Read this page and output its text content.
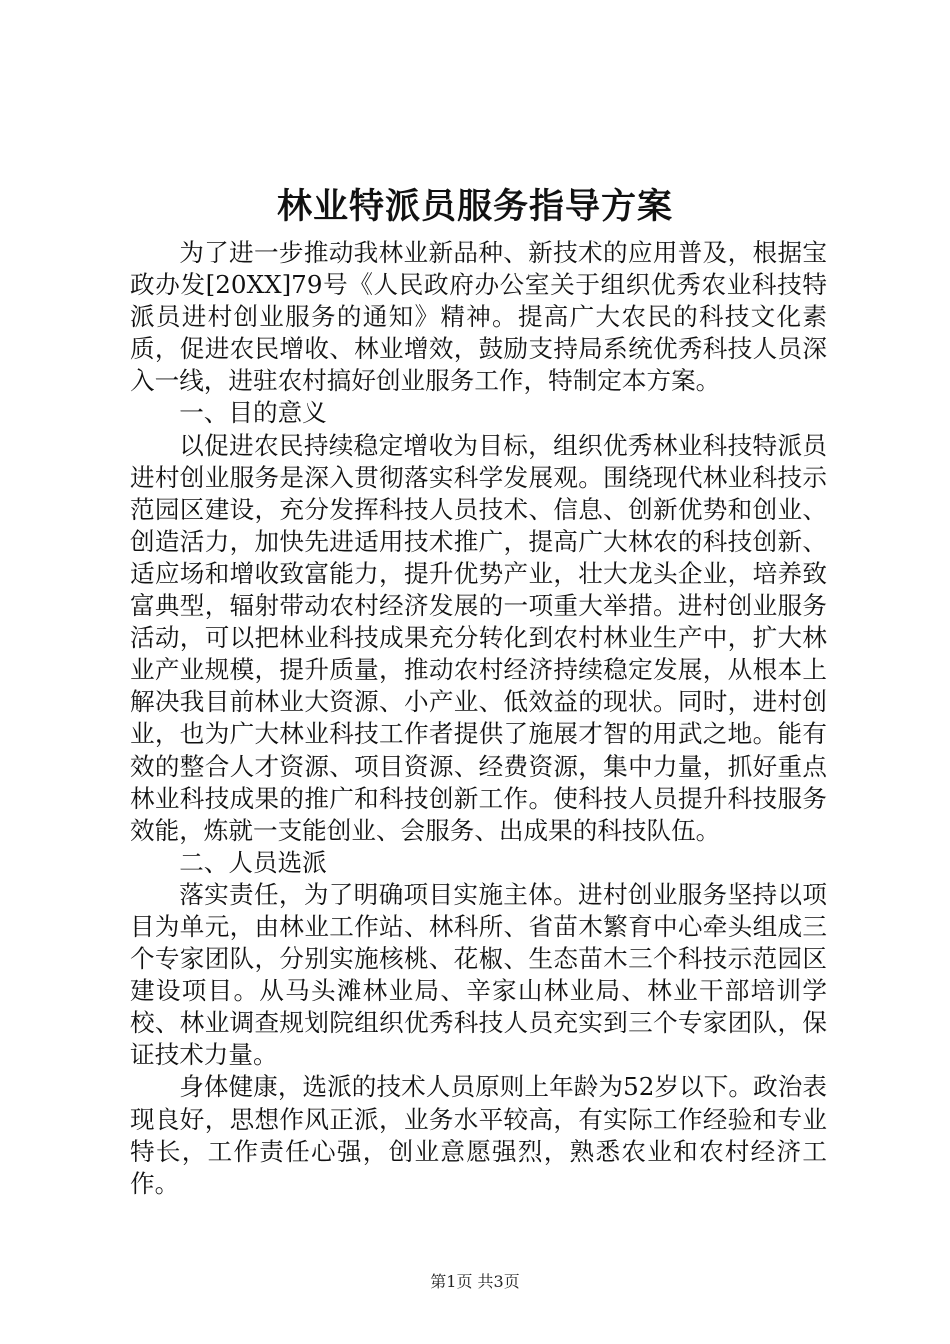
林业特派员服务指导方案

为了进一步推动我林业新品种、新技术的应用普及，根据宝政办发[20XX]79号《人民政府办公室关于组织优秀农业科技特派员进村创业服务的通知》精神。提高广大农民的科技文化素质，促进农民增收、林业增效，鼓励支持局系统优秀科技人员深入一线，进驻农村搞好创业服务工作，特制定本方案。

一、目的意义

以促进农民持续稳定增收为目标，组织优秀林业科技特派员进村创业服务是深入贯彻落实科学发展观。围绕现代林业科技示范园区建设，充分发挥科技人员技术、信息、创新优势和创业、创造活力，加快先进适用技术推广，提高广大林农的科技创新、适应场和增收致富能力，提升优势产业，壮大龙头企业，培养致富典型，辐射带动农村经济发展的一项重大举措。进村创业服务活动，可以把林业科技成果充分转化到农村林业生产中，扩大林业产业规模，提升质量，推动农村经济持续稳定发展，从根本上解决我目前林业大资源、小产业、低效益的现状。同时，进村创业，也为广大林业科技工作者提供了施展才智的用武之地。能有效的整合人才资源、项目资源、经费资源，集中力量，抓好重点林业科技成果的推广和科技创新工作。使科技人员提升科技服务效能，炼就一支能创业、会服务、出成果的科技队伍。

二、人员选派

落实责任，为了明确项目实施主体。进村创业服务坚持以项目为单元，由林业工作站、林科所、省苗木繁育中心牵头组成三个专家团队，分别实施核桃、花椒、生态苗木三个科技示范园区建设项目。从马头滩林业局、辛家山林业局、林业干部培训学校、林业调查规划院组织优秀科技人员充实到三个专家团队，保证技术力量。

身体健康，选派的技术人员原则上年龄为52岁以下。政治表现良好，思想作风正派，业务水平较高，有实际工作经验和专业特长，工作责任心强，创业意愿强烈，熟悉农业和农村经济工作。

第1页 共3页
